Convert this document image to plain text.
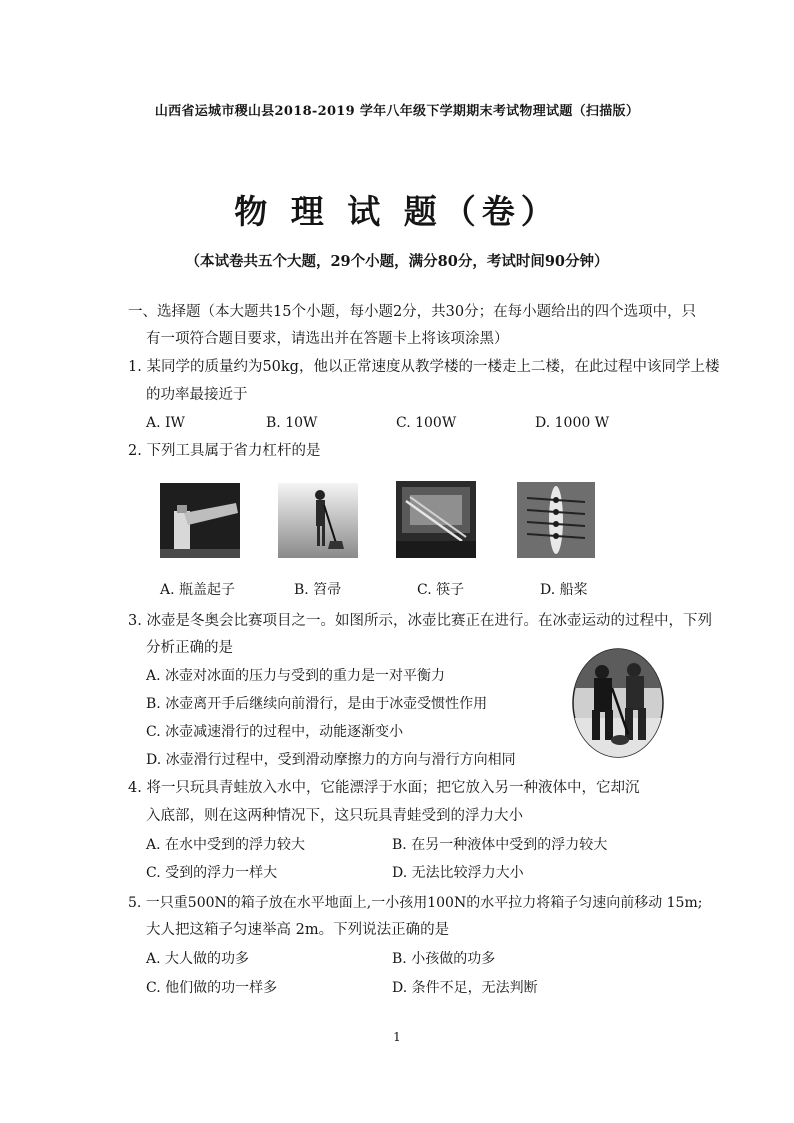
山西省运城市稷山县2018-2019 学年八年级下学期期末考试物理试题（扫描版）
物 理 试 题（卷）
（本试卷共五个大题，29个小题，满分80分，考试时间90分钟）
一、选择题（本大题共15个小题，每小题2分，共30分；在每小题给出的四个选项中，只
有一项符合题目要求，请选出并在答题卡上将该项涂黑）
1. 某同学的质量约为50kg，他以正常速度从教学楼的一楼走上二楼，在此过程中该同学上楼
的功率最接近于
A. IW	B. 10W	C. 100W	D. 1000 W
2. 下列工具属于省力杠杆的是
A. 瓶盖起子	B. 笤帚	C. 筷子	D. 船桨
3. 冰壶是冬奥会比赛项目之一。如图所示，冰壶比赛正在进行。在冰壶运动的过程中，下列
分析正确的是
A. 冰壶对冰面的压力与受到的重力是一对平衡力
B. 冰壶离开手后继续向前滑行，是由于冰壶受惯性作用
C. 冰壶减速滑行的过程中，动能逐渐变小
D. 冰壶滑行过程中，受到滑动摩擦力的方向与滑行方向相同
4. 将一只玩具青蛙放入水中，它能漂浮于水面；把它放入另一种液体中，它却沉
入底部，则在这两种情况下，这只玩具青蛙受到的浮力大小
A. 在水中受到的浮力较大	B. 在另一种液体中受到的浮力较大
C. 受到的浮力一样大	D. 无法比较浮力大小
5. 一只重500N的箱子放在水平地面上,一小孩用100N的水平拉力将箱子匀速向前移动 15m;
大人把这箱子匀速举高 2m。下列说法正确的是
A. 大人做的功多	B. 小孩做的功多
C. 他们做的功一样多	D. 条件不足，无法判断
1
